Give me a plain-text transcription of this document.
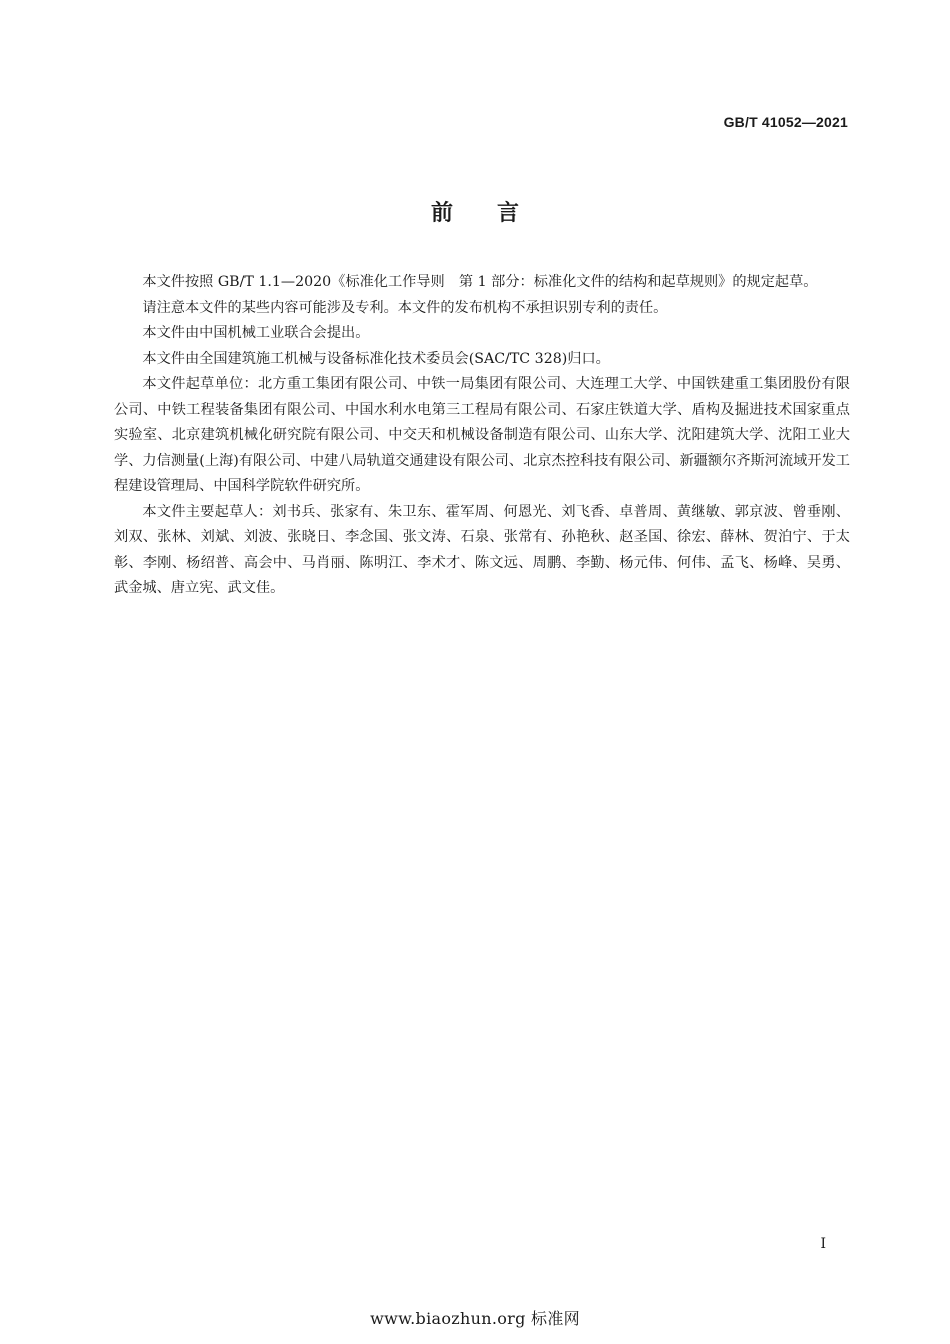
GB/T 41052—2021
前 言

本文件按照 GB/T 1.1—2020《标准化工作导则　第 1 部分：标准化文件的结构和起草规则》的规定起草。

请注意本文件的某些内容可能涉及专利。本文件的发布机构不承担识别专利的责任。

本文件由中国机械工业联合会提出。

本文件由全国建筑施工机械与设备标准化技术委员会(SAC/TC 328)归口。

本文件起草单位：北方重工集团有限公司、中铁一局集团有限公司、大连理工大学、中国铁建重工集团股份有限公司、中铁工程装备集团有限公司、中国水利水电第三工程局有限公司、石家庄铁道大学、盾构及掘进技术国家重点实验室、北京建筑机械化研究院有限公司、中交天和机械设备制造有限公司、山东大学、沈阳建筑大学、沈阳工业大学、力信测量(上海)有限公司、中建八局轨道交通建设有限公司、北京杰控科技有限公司、新疆额尔齐斯河流域开发工程建设管理局、中国科学院软件研究所。

本文件主要起草人：刘书兵、张家有、朱卫东、霍军周、何恩光、刘飞香、卓普周、黄继敏、郭京波、曾垂刚、刘双、张林、刘斌、刘波、张晓日、李念国、张文涛、石泉、张常有、孙艳秋、赵圣国、徐宏、薛林、贺泊宁、于太彰、李刚、杨绍普、高会中、马肖丽、陈明江、李术才、陈文远、周鹏、李勤、杨元伟、何伟、孟飞、杨峰、吴勇、武金城、唐立宪、武文佳。

I
www.biaozhun.org 标准网
